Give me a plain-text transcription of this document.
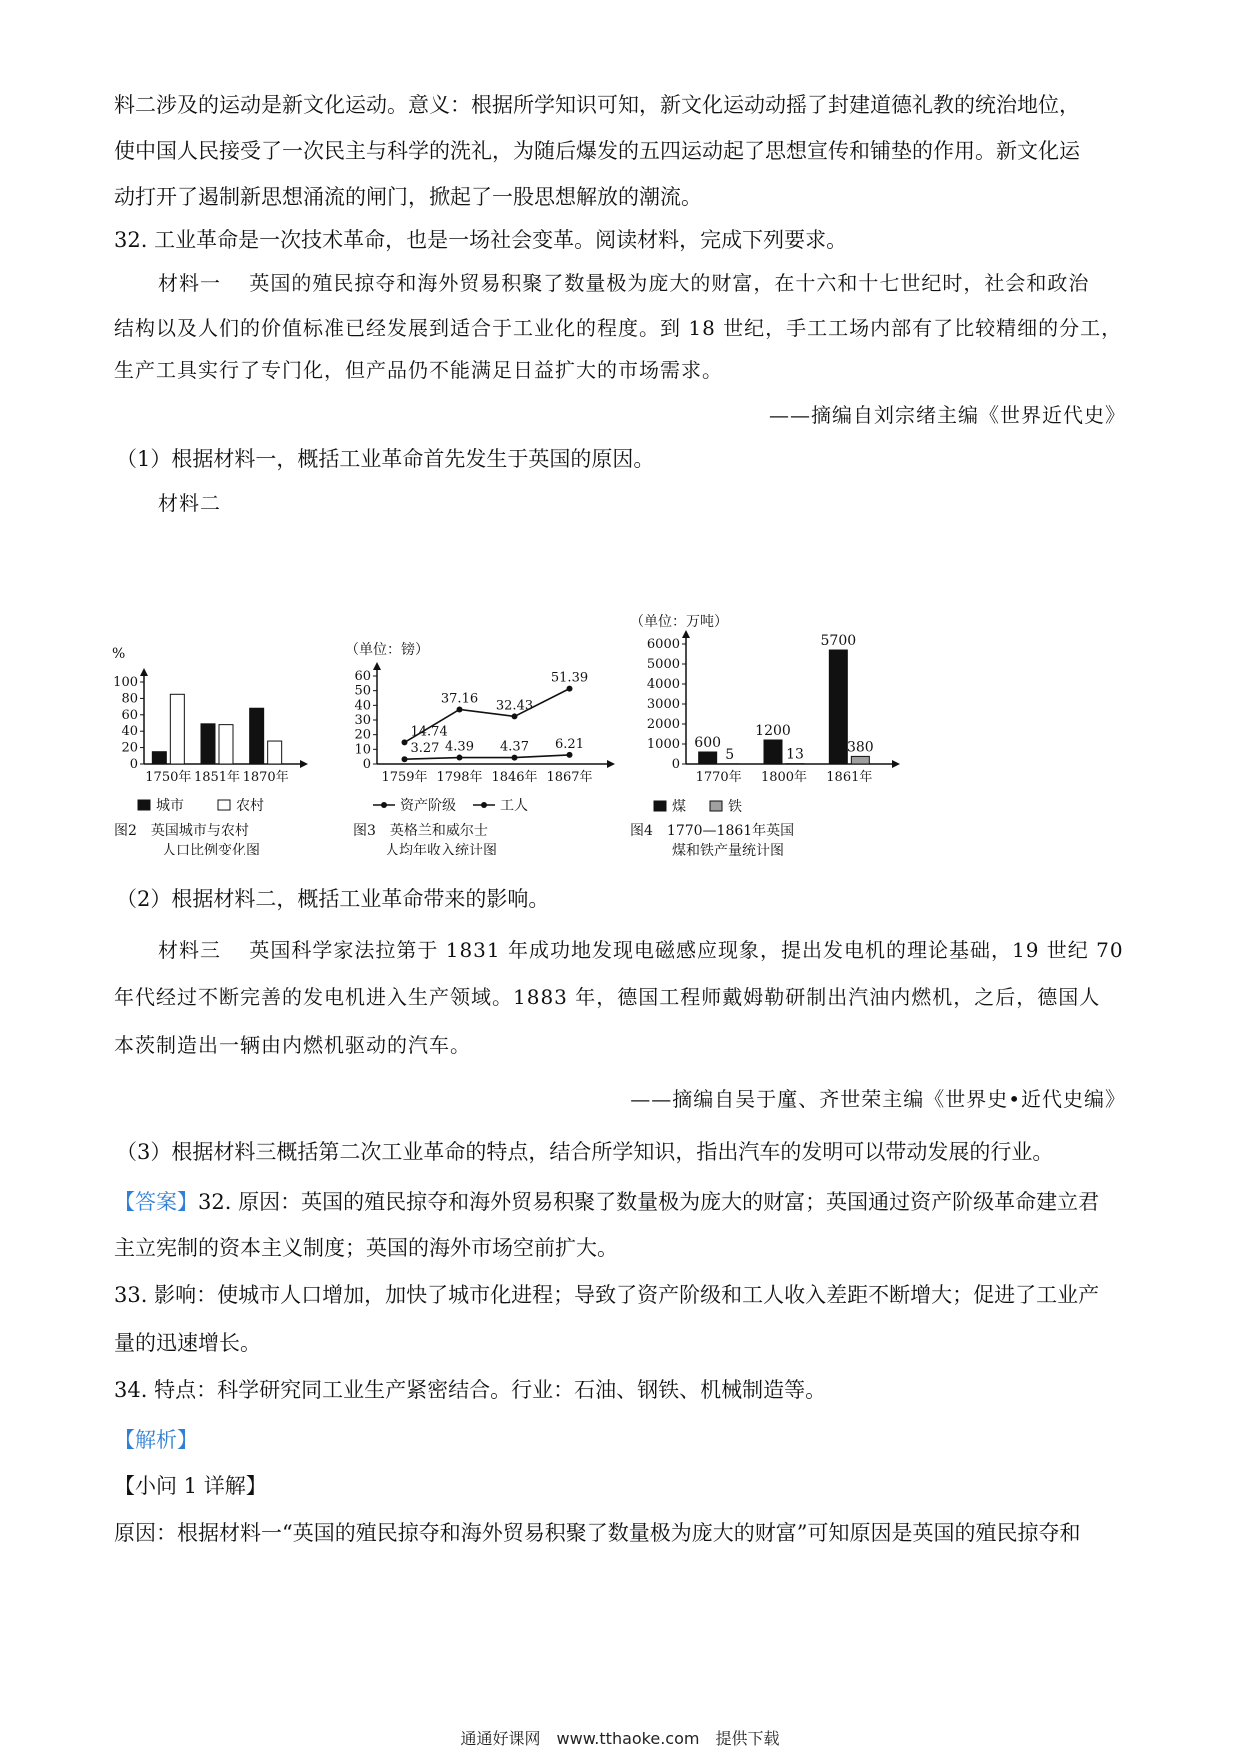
料二涉及的运动是新文化运动。意义：根据所学知识可知，新文化运动动摇了封建道德礼教的统治地位，
使中国人民接受了一次民主与科学的洗礼，为随后爆发的五四运动起了思想宣传和铺垫的作用。新文化运
动打开了遏制新思想涌流的闸门，掀起了一股思想解放的潮流。
32. 工业革命是一次技术革命，也是一场社会变革。阅读材料，完成下列要求。
材料一　 英国的殖民掠夺和海外贸易积聚了数量极为庞大的财富，在十六和十七世纪时，社会和政治
结构以及人们的价值标准已经发展到适合于工业化的程度。到 18 世纪，手工工场内部有了比较精细的分工，
生产工具实行了专门化，但产品仍不能满足日益扩大的市场需求。
——摘编自刘宗绪主编《世界近代史》
（1）根据材料一，概括工业革命首先发生于英国的原因。
材料二
%
0
20
40
60
80
100
1750年 1851年 1870年
城市	农村
图2　英国城市与农村
人口比例变化图
（单位：镑）
0
10
20
30
40
50
60
1759年 1798年 1846年 1867年
14.74
37.16 32.43
51.39
3.27 4.39 4.37 6.21
资产阶级	工人
图3　英格兰和威尔士
人均年收入统计图
（单位：万吨）
0
1000
2000
3000
4000
5000
6000
1770年 1800年 1861年
600
1200
5700
5	13	380
煤	铁
图4　1770—1861年英国
煤和铁产量统计图
（2）根据材料二，概括工业革命带来的影响。
材料三　 英国科学家法拉第于 1831 年成功地发现电磁感应现象，提出发电机的理论基础，19 世纪 70
年代经过不断完善的发电机进入生产领域。1883 年，德国工程师戴姆勒研制出汽油内燃机，之后，德国人
本茨制造出一辆由内燃机驱动的汽车。
——摘编自吴于廑、齐世荣主编《世界史•近代史编》
（3）根据材料三概括第二次工业革命的特点，结合所学知识，指出汽车的发明可以带动发展的行业。
【答案】32. 原因：英国的殖民掠夺和海外贸易积聚了数量极为庞大的财富；英国通过资产阶级革命建立君
主立宪制的资本主义制度；英国的海外市场空前扩大。
33. 影响：使城市人口增加，加快了城市化进程；导致了资产阶级和工人收入差距不断增大；促进了工业产
量的迅速增长。
34. 特点：科学研究同工业生产紧密结合。行业：石油、钢铁、机械制造等。
【解析】
【小问 1 详解】
原因：根据材料一“英国的殖民掠夺和海外贸易积聚了数量极为庞大的财富”可知原因是英国的殖民掠夺和
通通好课网　www.tthaoke.com　提供下载
